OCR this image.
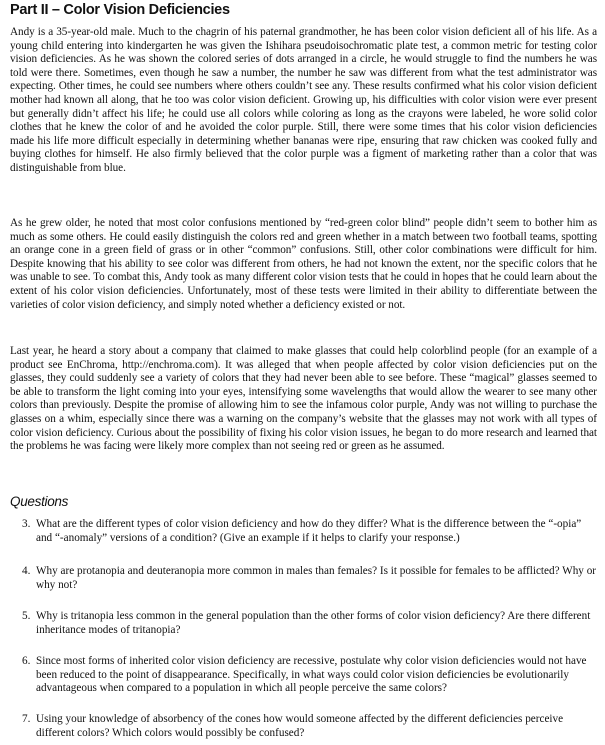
Part II – Color Vision Deficiencies

Andy is a 35-year-old male. Much to the chagrin of his paternal grandmother, he has been color vision deficient all of his life. As a young child entering into kindergarten he was given the Ishihara pseudoisochromatic plate test, a common metric for testing color vision deficiencies. As he was shown the colored series of dots arranged in a circle, he would struggle to find the numbers he was told were there. Sometimes, even though he saw a number, the number he saw was different from what the test administrator was expecting. Other times, he could see numbers where others couldn’t see any. These results confirmed what his color vision deficient mother had known all along, that he too was color vision deficient. Growing up, his difficulties with color vision were ever present but generally didn’t affect his life; he could use all colors while coloring as long as the crayons were labeled, he wore solid color clothes that he knew the color of and he avoided the color purple. Still, there were some times that his color vision deficiencies made his life more difficult especially in determining whether bananas were ripe, ensuring that raw chicken was cooked fully and buying clothes for himself. He also firmly believed that the color purple was a figment of marketing rather than a color that was distinguishable from blue.

As he grew older, he noted that most color confusions mentioned by “red-green color blind” people didn’t seem to bother him as much as some others. He could easily distinguish the colors red and green whether in a match between two football teams, spotting an orange cone in a green field of grass or in other “common” confusions. Still, other color combinations were difficult for him. Despite knowing that his ability to see color was different from others, he had not known the extent, nor the specific colors that he was unable to see. To combat this, Andy took as many different color vision tests that he could in hopes that he could learn about the extent of his color vision deficiencies. Unfortunately, most of these tests were limited in their ability to differentiate between the varieties of color vision deficiency, and simply noted whether a deficiency existed or not.

Last year, he heard a story about a company that claimed to make glasses that could help colorblind people (for an example of a product see EnChroma, http://enchroma.com). It was alleged that when people affected by color vision deficiencies put on the glasses, they could suddenly see a variety of colors that they had never been able to see before. These “magical” glasses seemed to be able to transform the light coming into your eyes, intensifying some wavelengths that would allow the wearer to see many other colors than previously. Despite the promise of allowing him to see the infamous color purple, Andy was not willing to purchase the glasses on a whim, especially since there was a warning on the company’s website that the glasses may not work with all types of color vision deficiency. Curious about the possibility of fixing his color vision issues, he began to do more research and learned that the problems he was facing were likely more complex than not seeing red or green as he assumed.

Questions
3. What are the different types of color vision deficiency and how do they differ? What is the difference between the “-opia” and “-anomaly” versions of a condition? (Give an example if it helps to clarify your response.)
4. Why are protanopia and deuteranopia more common in males than females? Is it possible for females to be afflicted? Why or why not?
5. Why is tritanopia less common in the general population than the other forms of color vision deficiency? Are there different inheritance modes of tritanopia?
6. Since most forms of inherited color vision deficiency are recessive, postulate why color vision deficiencies would not have been reduced to the point of disappearance. Specifically, in what ways could color vision deficiencies be evolutionarily advantageous when compared to a population in which all people perceive the same colors?
7. Using your knowledge of absorbency of the cones how would someone affected by the different deficiencies perceive different colors? Which colors would possibly be confused?
